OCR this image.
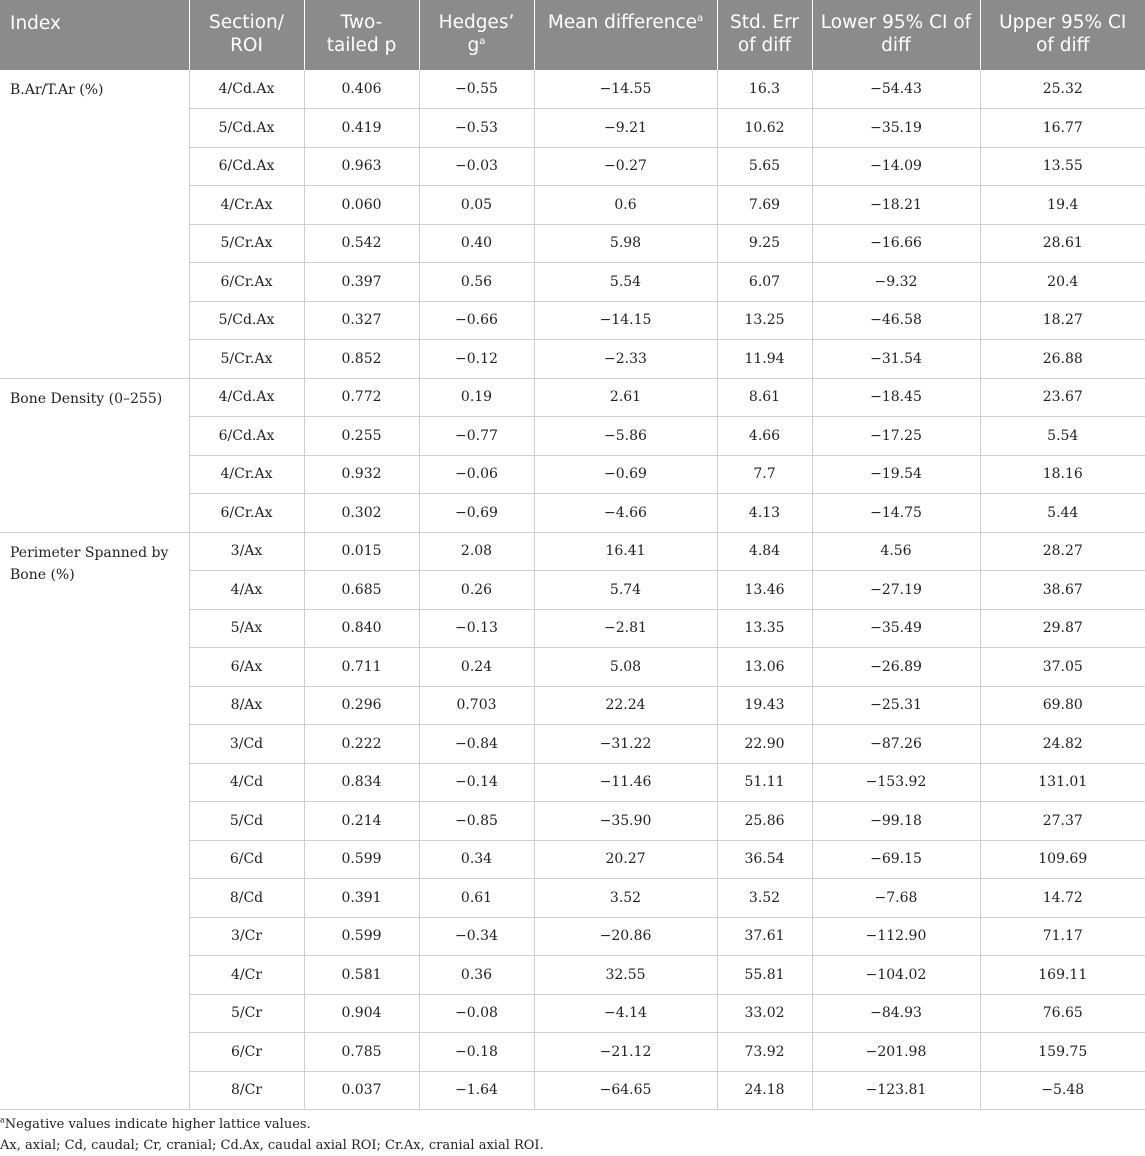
Index	Section/ ROI	Two- tailed p	Hedges’ $g^a$	Mean difference$^a$	Std. Err of diff	Lower 95% CI of diff	Upper 95% CI of diff

B.Ar/T.Ar (%)	4/Cd.Ax	0.406	−0.55	−14.55	16.3	−54.43	25.32
	5/Cd.Ax	0.419	−0.53	−9.21	10.62	−35.19	16.77
	6/Cd.Ax	0.963	−0.03	−0.27	5.65	−14.09	13.55
	4/Cr.Ax	0.060	0.05	0.6	7.69	−18.21	19.4
	5/Cr.Ax	0.542	0.40	5.98	9.25	−16.66	28.61
	6/Cr.Ax	0.397	0.56	5.54	6.07	−9.32	20.4
	5/Cd.Ax	0.327	−0.66	−14.15	13.25	−46.58	18.27
	5/Cr.Ax	0.852	−0.12	−2.33	11.94	−31.54	26.88
Bone Density (0–255)	4/Cd.Ax	0.772	0.19	2.61	8.61	−18.45	23.67
	6/Cd.Ax	0.255	−0.77	−5.86	4.66	−17.25	5.54
	4/Cr.Ax	0.932	−0.06	−0.69	7.7	−19.54	18.16
	6/Cr.Ax	0.302	−0.69	−4.66	4.13	−14.75	5.44
Perimeter Spanned by Bone (%)	3/Ax	0.015	2.08	16.41	4.84	4.56	28.27
	4/Ax	0.685	0.26	5.74	13.46	−27.19	38.67
	5/Ax	0.840	−0.13	−2.81	13.35	−35.49	29.87
	6/Ax	0.711	0.24	5.08	13.06	−26.89	37.05
	8/Ax	0.296	0.703	22.24	19.43	−25.31	69.80
	3/Cd	0.222	−0.84	−31.22	22.90	−87.26	24.82
	4/Cd	0.834	−0.14	−11.46	51.11	−153.92	131.01
	5/Cd	0.214	−0.85	−35.90	25.86	−99.18	27.37
	6/Cd	0.599	0.34	20.27	36.54	−69.15	109.69
	8/Cd	0.391	0.61	3.52	3.52	−7.68	14.72
	3/Cr	0.599	−0.34	−20.86	37.61	−112.90	71.17
	4/Cr	0.581	0.36	32.55	55.81	−104.02	169.11
	5/Cr	0.904	−0.08	−4.14	33.02	−84.93	76.65
	6/Cr	0.785	−0.18	−21.12	73.92	−201.98	159.75
	8/Cr	0.037	−1.64	−64.65	24.18	−123.81	−5.48
$^a$Negative values indicate higher lattice values.
Ax, axial; Cd, caudal; Cr, cranial; Cd.Ax, caudal axial ROI; Cr.Ax, cranial axial ROI.
